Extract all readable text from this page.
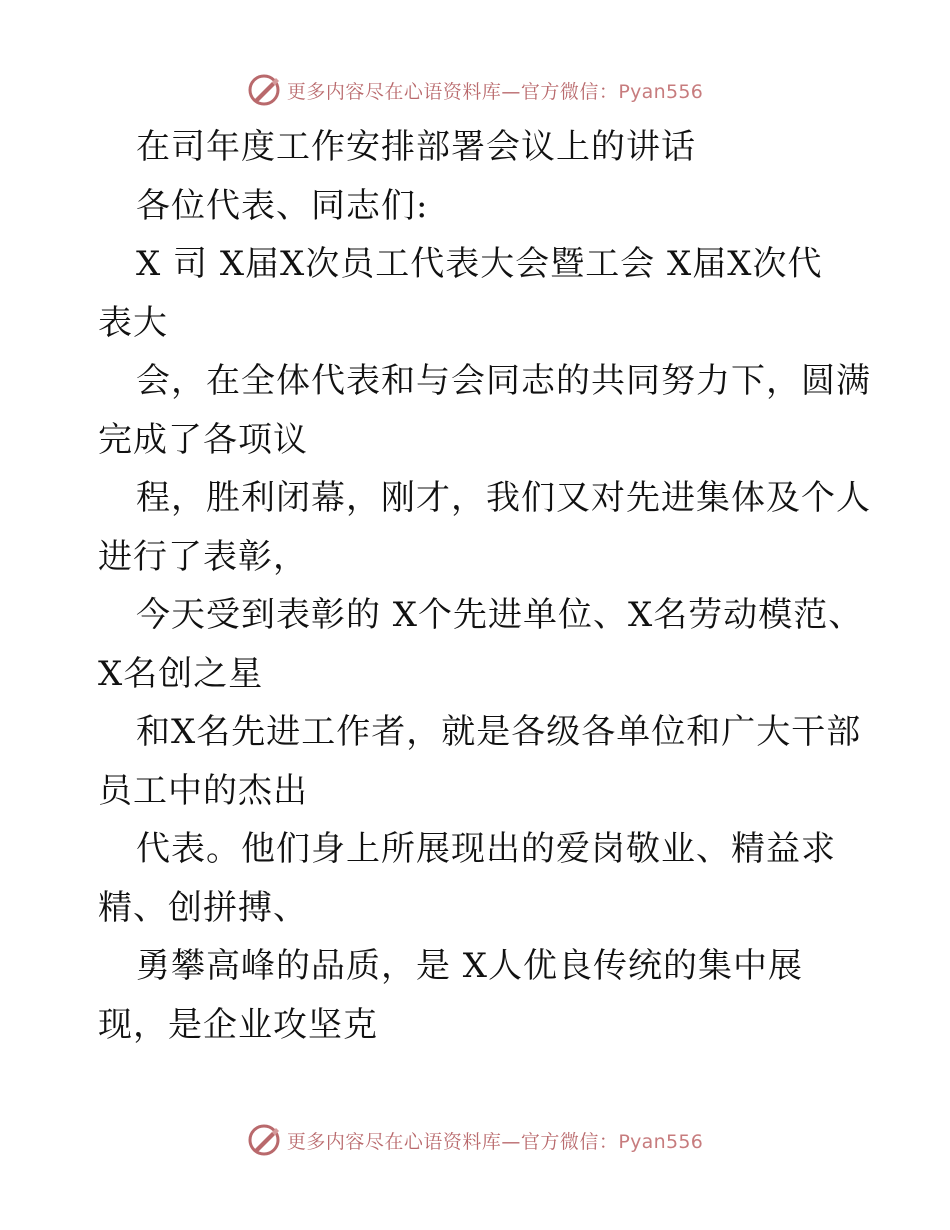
更多内容尽在心语资料库—官方微信：Pyan556
在司年度工作安排部署会议上的讲话
各位代表、同志们:
X 司 X届X次员工代表大会暨工会 X届X次代
表大
会，在全体代表和与会同志的共同努力下，圆满
完成了各项议
程，胜利闭幕，刚才，我们又对先进集体及个人
进行了表彰，
今天受到表彰的 X个先进单位、X名劳动模范、
X名创之星
和X名先进工作者，就是各级各单位和广大干部
员工中的杰出
代表。他们身上所展现出的爱岗敬业、精益求
精、创拼搏、
勇攀高峰的品质，是 X人优良传统的集中展
现，是企业攻坚克
更多内容尽在心语资料库—官方微信：Pyan556
